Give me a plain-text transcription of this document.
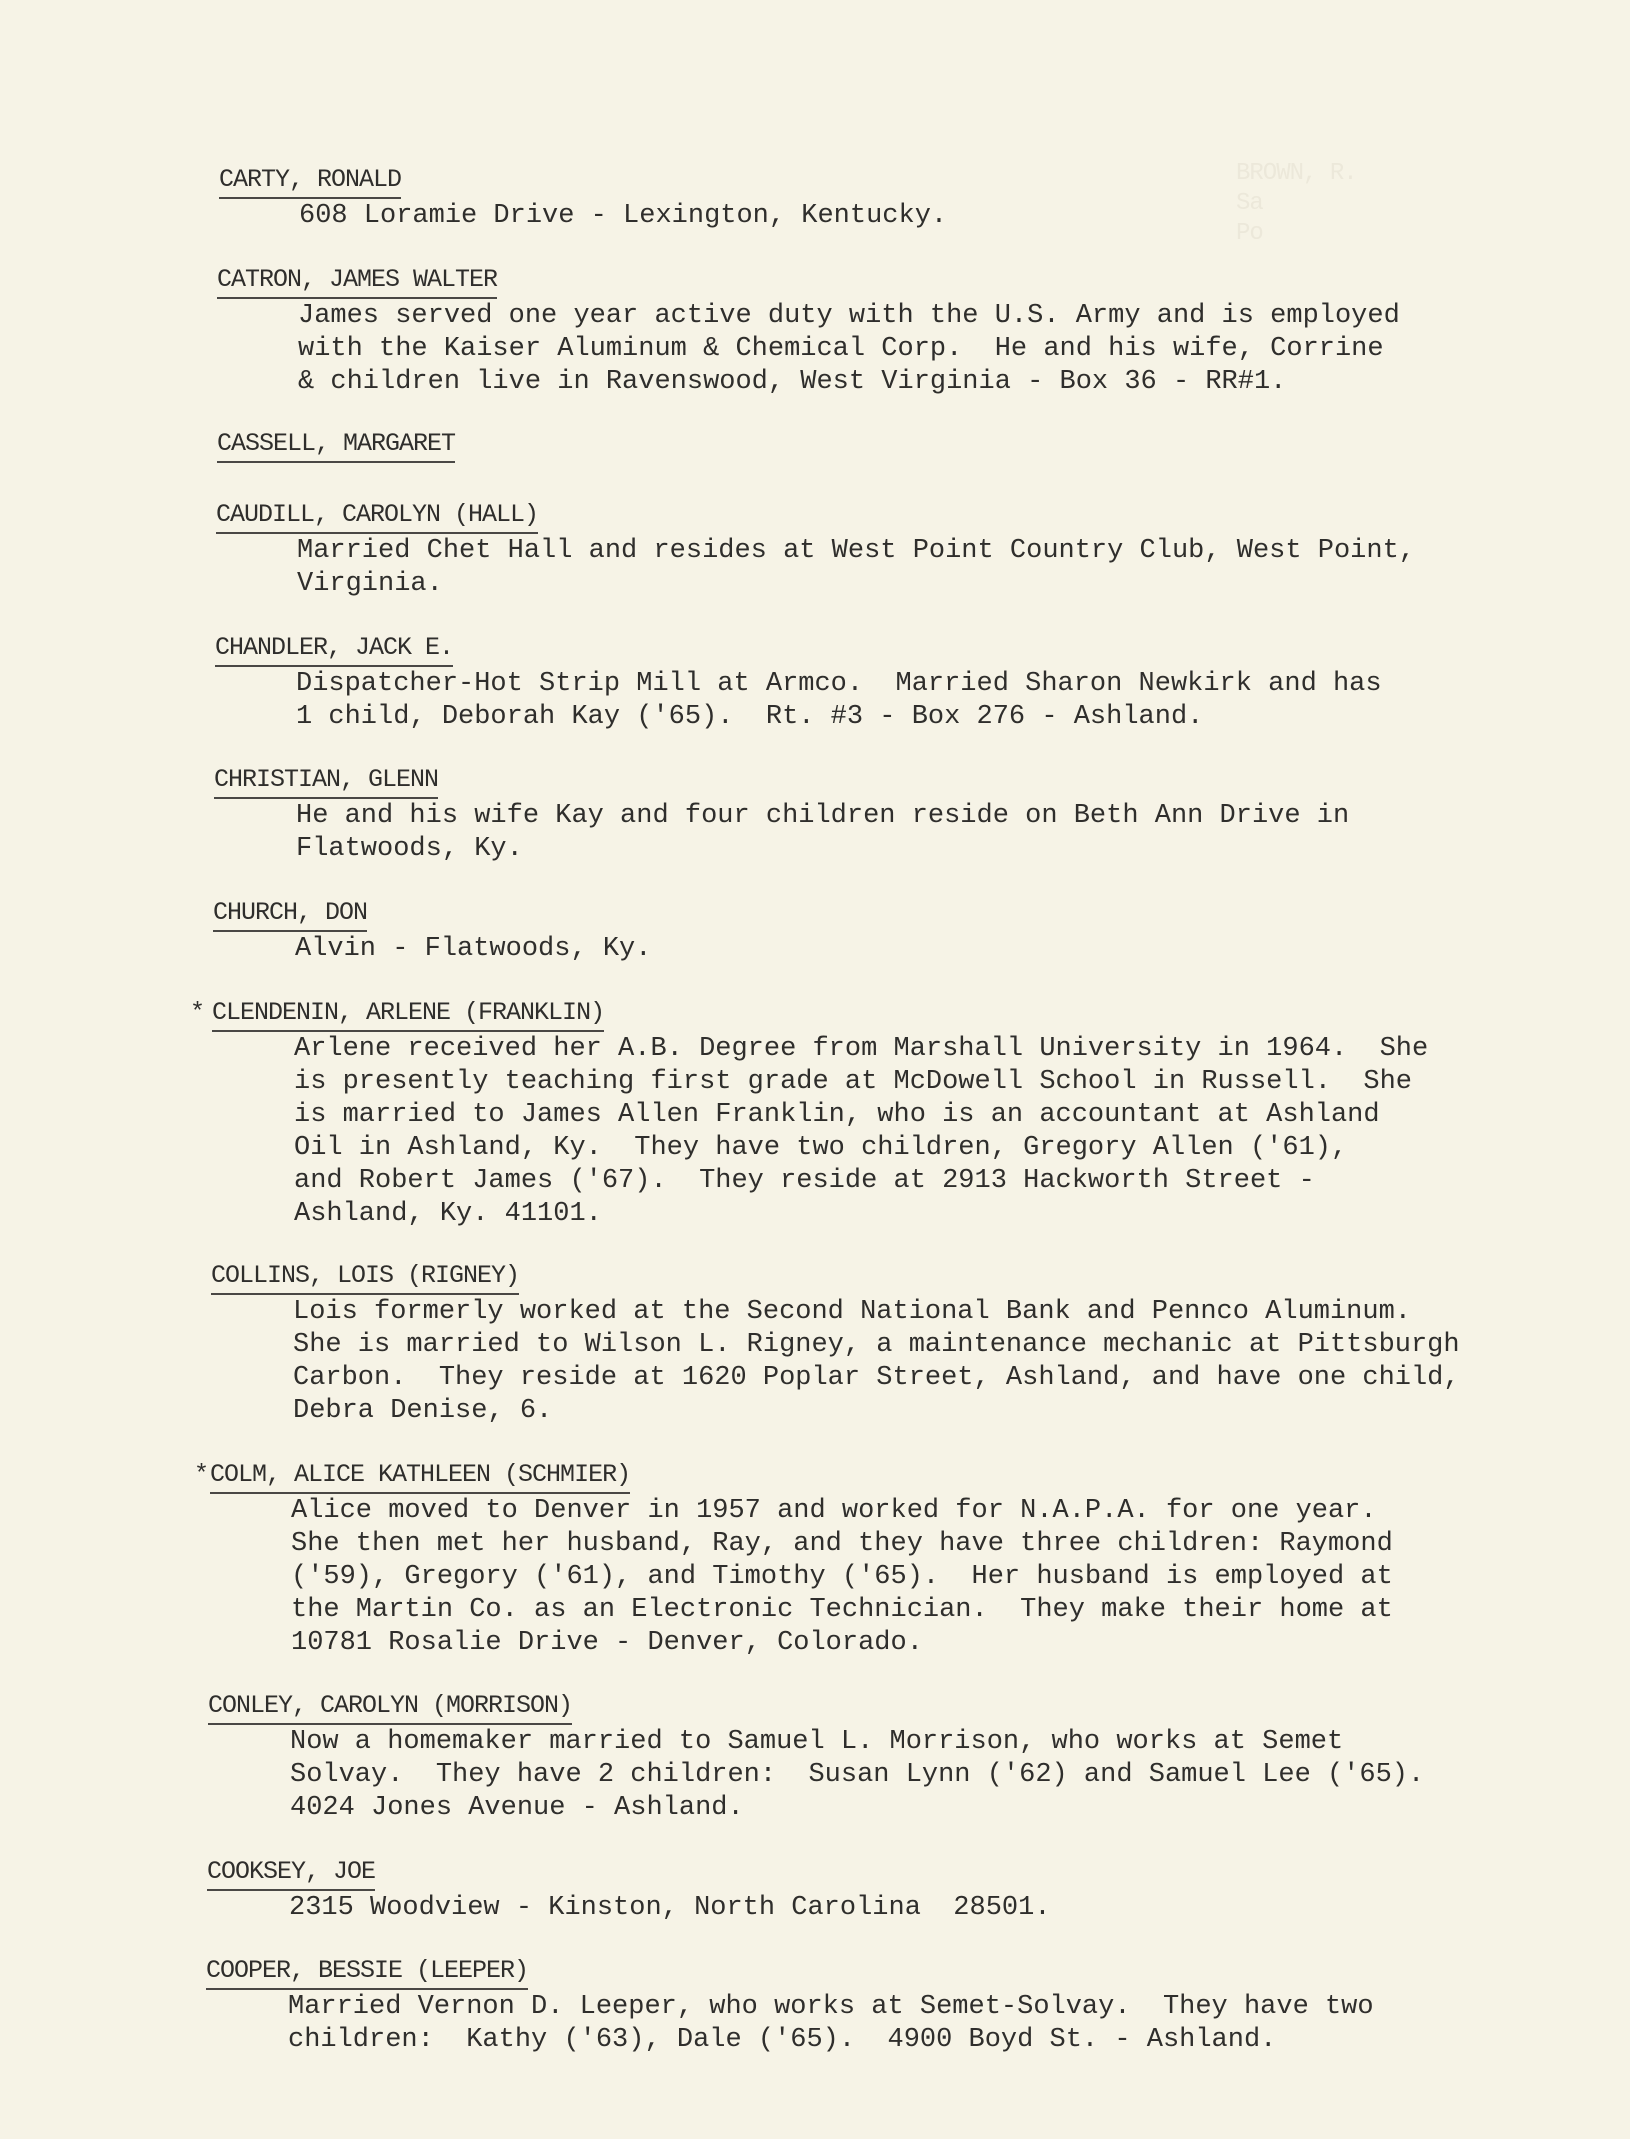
BROWN, R.
Sa
Po
CARTY, RONALD
608 Loramie Drive - Lexington, Kentucky.
CATRON, JAMES WALTER
James served one year active duty with the U.S. Army and is employed
with the Kaiser Aluminum & Chemical Corp.  He and his wife, Corrine
& children live in Ravenswood, West Virginia - Box 36 - RR#1.
CASSELL, MARGARET
CAUDILL, CAROLYN (HALL)
Married Chet Hall and resides at West Point Country Club, West Point,
Virginia.
CHANDLER, JACK E.
Dispatcher-Hot Strip Mill at Armco.  Married Sharon Newkirk and has
1 child, Deborah Kay ('65).  Rt. #3 - Box 276 - Ashland.
CHRISTIAN, GLENN
He and his wife Kay and four children reside on Beth Ann Drive in
Flatwoods, Ky.
CHURCH, DON
Alvin - Flatwoods, Ky.
* CLENDENIN, ARLENE (FRANKLIN)
Arlene received her A.B. Degree from Marshall University in 1964.  She
is presently teaching first grade at McDowell School in Russell.  She
is married to James Allen Franklin, who is an accountant at Ashland
Oil in Ashland, Ky.  They have two children, Gregory Allen ('61),
and Robert James ('67).  They reside at 2913 Hackworth Street -
Ashland, Ky. 41101.
COLLINS, LOIS (RIGNEY)
Lois formerly worked at the Second National Bank and Pennco Aluminum.
She is married to Wilson L. Rigney, a maintenance mechanic at Pittsburgh
Carbon.  They reside at 1620 Poplar Street, Ashland, and have one child,
Debra Denise, 6.
* COLM, ALICE KATHLEEN (SCHMIER)
Alice moved to Denver in 1957 and worked for N.A.P.A. for one year.
She then met her husband, Ray, and they have three children: Raymond
('59), Gregory ('61), and Timothy ('65).  Her husband is employed at
the Martin Co. as an Electronic Technician.  They make their home at
10781 Rosalie Drive - Denver, Colorado.
CONLEY, CAROLYN (MORRISON)
Now a homemaker married to Samuel L. Morrison, who works at Semet
Solvay.  They have 2 children:  Susan Lynn ('62) and Samuel Lee ('65).
4024 Jones Avenue - Ashland.
COOKSEY, JOE
2315 Woodview - Kinston, North Carolina  28501.
COOPER, BESSIE (LEEPER)
Married Vernon D. Leeper, who works at Semet-Solvay.  They have two
children:  Kathy ('63), Dale ('65).  4900 Boyd St. - Ashland.
